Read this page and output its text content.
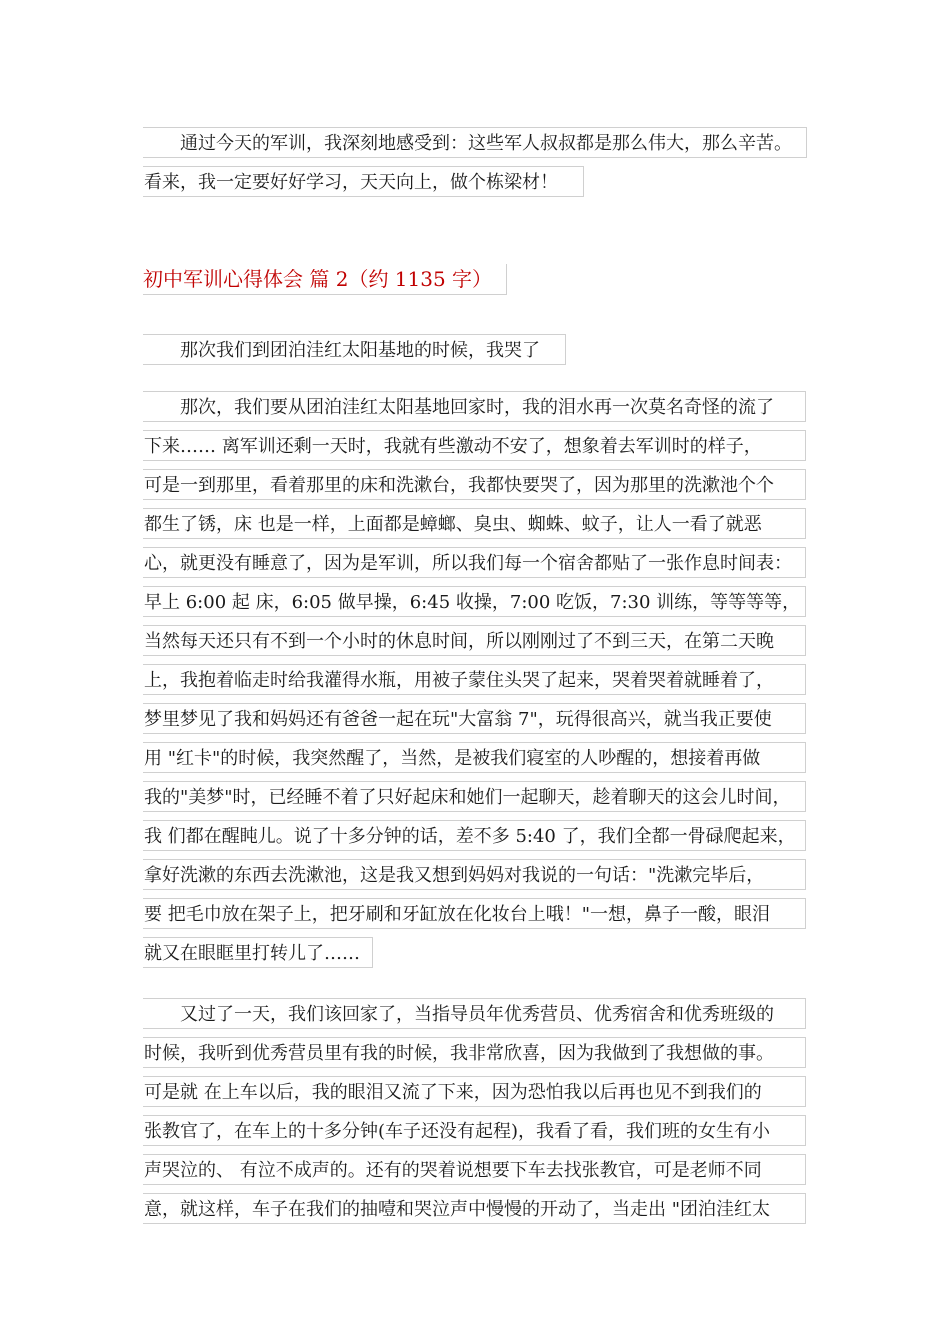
通过今天的军训，我深刻地感受到：这些军人叔叔都是那么伟大，那么辛苦。
看来，我一定要好好学习，天天向上，做个栋梁材！
初中军训心得体会 篇 2（约 1135 字）
那次我们到团泊洼红太阳基地的时候，我哭了
那次，我们要从团泊洼红太阳基地回家时，我的泪水再一次莫名奇怪的流了
下来…… 离军训还剩一天时，我就有些激动不安了，想象着去军训时的样子，
可是一到那里，看着那里的床和洗漱台，我都快要哭了，因为那里的洗漱池个个
都生了锈，床 也是一样，上面都是蟑螂、臭虫、蜘蛛、蚊子，让人一看了就恶
心，就更没有睡意了，因为是军训，所以我们每一个宿舍都贴了一张作息时间表：
早上 6:00 起 床，6:05 做早操，6:45 收操，7:00 吃饭，7:30 训练，等等等等，
当然每天还只有不到一个小时的休息时间，所以刚刚过了不到三天，在第二天晚
上，我抱着临走时给我灌得水瓶，用被子蒙住头哭了起来，哭着哭着就睡着了，
梦里梦见了我和妈妈还有爸爸一起在玩"大富翁 7"，玩得很高兴，就当我正要使
用 "红卡"的时候，我突然醒了，当然，是被我们寝室的人吵醒的，想接着再做
我的"美梦"时，已经睡不着了只好起床和她们一起聊天，趁着聊天的这会儿时间，
我 们都在醒盹儿。说了十多分钟的话，差不多 5:40 了，我们全都一骨碌爬起来，
拿好洗漱的东西去洗漱池，这是我又想到妈妈对我说的一句话："洗漱完毕后，
要 把毛巾放在架子上，把牙刷和牙缸放在化妆台上哦！"一想，鼻子一酸，眼泪
就又在眼眶里打转儿了……
又过了一天，我们该回家了，当指导员年优秀营员、优秀宿舍和优秀班级的
时候，我听到优秀营员里有我的时候，我非常欣喜，因为我做到了我想做的事。
可是就 在上车以后，我的眼泪又流了下来，因为恐怕我以后再也见不到我们的
张教官了，在车上的十多分钟(车子还没有起程)，我看了看，我们班的女生有小
声哭泣的、 有泣不成声的。还有的哭着说想要下车去找张教官，可是老师不同
意，就这样，车子在我们的抽噎和哭泣声中慢慢的开动了，当走出 "团泊洼红太
